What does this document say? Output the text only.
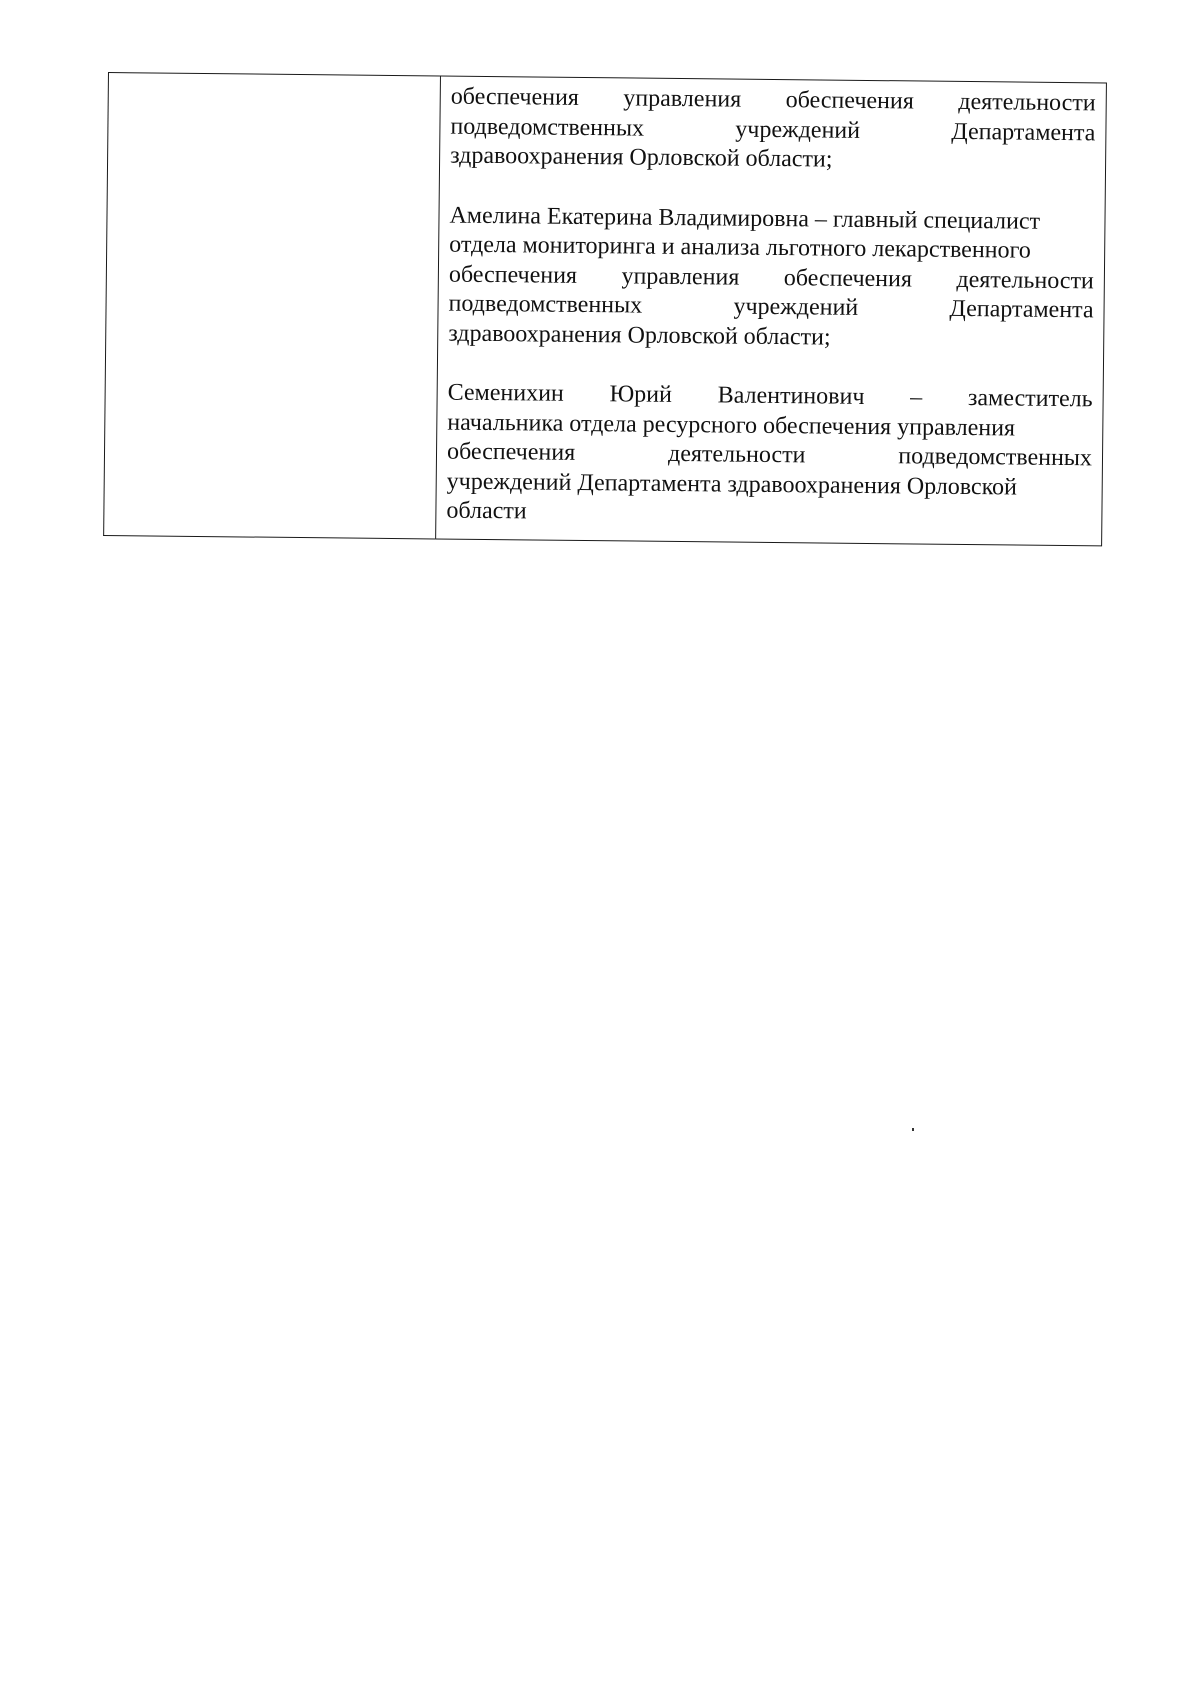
обеспечения управления обеспечения деятельности
подведомственных	учреждений	Департамента
здравоохранения Орловской области;
Амелина Екатерина Владимировна – главный специалист
отдела мониторинга и анализа льготного лекарственного
обеспечения управления обеспечения деятельности
подведомственных	учреждений	Департамента
здравоохранения Орловской области;
Семенихин Юрий Валентинович – заместитель
начальника отдела ресурсного обеспечения управления
обеспечения	деятельности	подведомственных
учреждений Департамента здравоохранения Орловской
области
